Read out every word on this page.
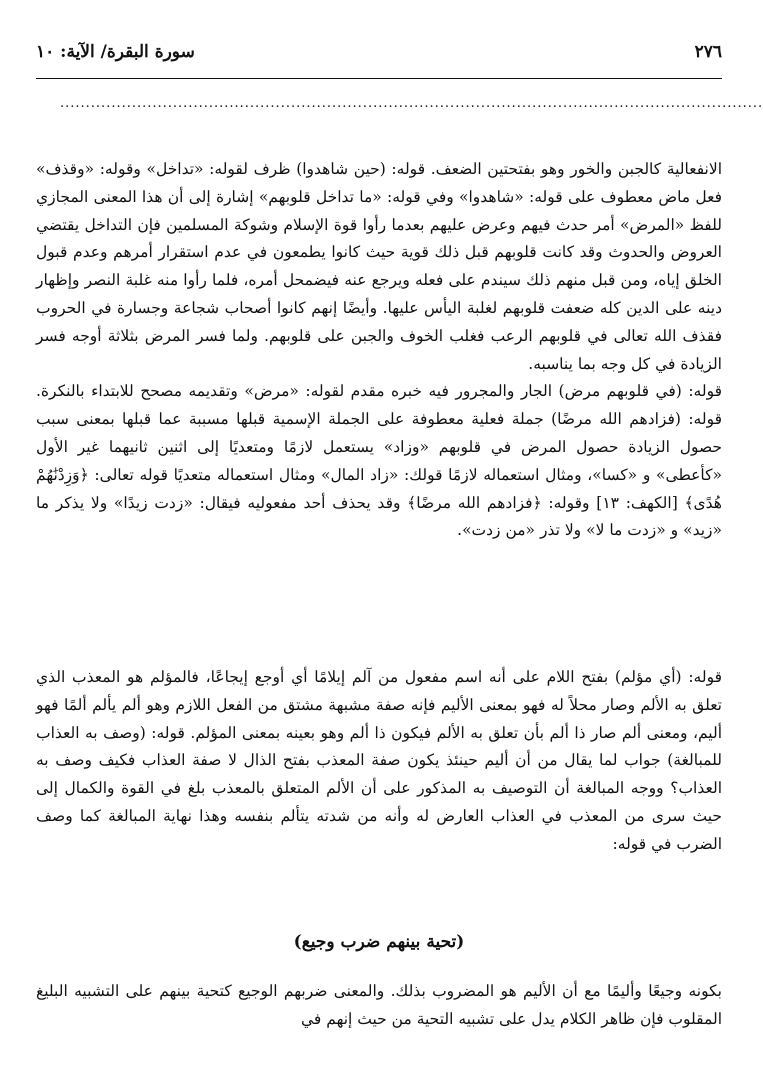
٢٧٦
سورة البقرة/ الآية: ١٠
.........................................................................................................................................

الانفعالية كالجبن والخور وهو بفتحتين الضعف. قوله: (حين شاهدوا) ظرف لقوله: «تداخل» وقوله: «وقذف» فعل ماض معطوف على قوله: «شاهدوا» وفي قوله: «ما تداخل قلوبهم» إشارة إلى أن هذا المعنى المجازي للفظ «المرض» أمر حدث فيهم وعرض عليهم بعدما رأوا قوة الإسلام وشوكة المسلمين فإن التداخل يقتضي العروض والحدوث وقد كانت قلوبهم قبل ذلك قوية حيث كانوا يطمعون في عدم استقرار أمرهم وعدم قبول الخلق إياه، ومن قبل منهم ذلك سيندم على فعله ويرجع عنه فيضمحل أمره، فلما رأوا منه غلبة النصر وإظهار دينه على الدين كله ضعفت قلوبهم لغلبة اليأس عليها. وأيضًا إنهم كانوا أصحاب شجاعة وجسارة في الحروب فقذف الله تعالى في قلوبهم الرعب فغلب الخوف والجبن على قلوبهم. ولما فسر المرض بثلاثة أوجه فسر الزيادة في كل وجه بما يناسبه.

قوله: (في قلوبهم مرض) الجار والمجرور فيه خبره مقدم لقوله: «مرض» وتقديمه مصحح للابتداء بالنكرة. قوله: (فزادهم الله مرضًا) جملة فعلية معطوفة على الجملة الإسمية قبلها مسببة عما قبلها بمعنى سبب حصول الزيادة حصول المرض في قلوبهم «وزاد» يستعمل لازمًا ومتعديًا إلى اثنين ثانيهما غير الأول «كأعطى» و «كسا»، ومثال استعماله لازمًا قولك: «زاد المال» ومثال استعماله متعديًا قوله تعالى: ﴿وَزِدْنَٰهُمْ هُدًى﴾ [الكهف: ١٣] وقوله: ﴿فزادهم الله مرضًا﴾ وقد يحذف أحد مفعوليه فيقال: «زدت زيدًا» ولا يذكر ما «زيد» و «زدت ما لا» ولا تذر «من زدت».

قوله: (أي مؤلم) بفتح اللام على أنه اسم مفعول من آلم إيلامًا أي أوجع إيجاعًا، فالمؤلم هو المعذب الذي تعلق به الألم وصار محلاً له فهو بمعنى الأليم فإنه صفة مشبهة مشتق من الفعل اللازم وهو ألم يألم ألمًا فهو أليم، ومعنى ألم صار ذا ألم بأن تعلق به الألم فيكون ذا ألم وهو بعينه بمعنى المؤلم. قوله: (وصف به العذاب للمبالغة) جواب لما يقال من أن أليم حينئذ يكون صفة المعذب بفتح الذال لا صفة العذاب فكيف وصف به العذاب؟ ووجه المبالغة أن التوصيف به المذكور على أن الألم المتعلق بالمعذب بلغ في القوة والكمال إلى حيث سرى من المعذب في العذاب العارض له وأنه من شدته يتألم بنفسه وهذا نهاية المبالغة كما وصف الضرب في قوله:

(تحية بينهم ضرب وجيع)

بكونه وجيعًا وأليمًا مع أن الأليم هو المضروب بذلك. والمعنى ضربهم الوجيع كتحية بينهم على التشبيه البليغ المقلوب فإن ظاهر الكلام يدل على تشبيه التحية من حيث إنهم في
